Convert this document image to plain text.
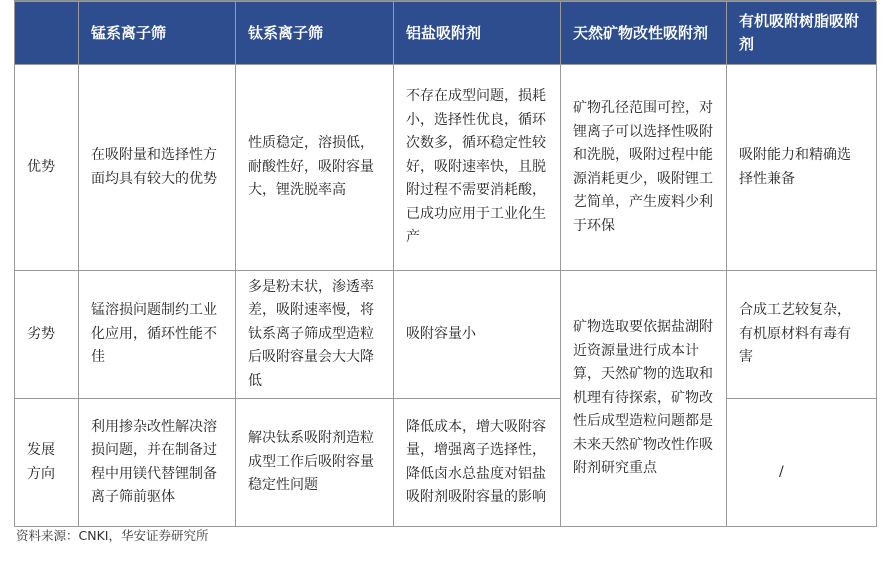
	锰系离子筛	钛系离子筛	铝盐吸附剂	天然矿物改性吸附剂	有机吸附树脂吸附剂
优势	在吸附量和选择性方面均具有较大的优势	性质稳定，溶损低，耐酸性好，吸附容量大，锂洗脱率高	不存在成型问题，损耗小，选择性优良，循环次数多，循环稳定性较好，吸附速率快，且脱附过程不需要消耗酸，已成功应用于工业化生产	矿物孔径范围可控，对锂离子可以选择性吸附和洗脱，吸附过程中能源消耗更少，吸附锂工艺简单，产生废料少利于环保	吸附能力和精确选择性兼备
劣势	锰溶损问题制约工业化应用，循环性能不佳	多是粉末状，渗透率差，吸附速率慢，将钛系离子筛成型造粒后吸附容量会大大降低	吸附容量小	矿物选取要依据盐湖附近资源量进行成本计算，天然矿物的选取和机理有待探索，矿物改性后成型造粒问题都是未来天然矿物改性作吸附剂研究重点	合成工艺较复杂，有机原材料有毒有害
发展方向	利用掺杂改性解决溶损问题，并在制备过程中用镁代替锂制备离子筛前驱体	解决钛系吸附剂造粒成型工作后吸附容量稳定性问题	降低成本，增大吸附容量，增强离子选择性，降低卤水总盐度对铝盐吸附剂吸附容量的影响		/
资料来源：CNKI，华安证券研究所
